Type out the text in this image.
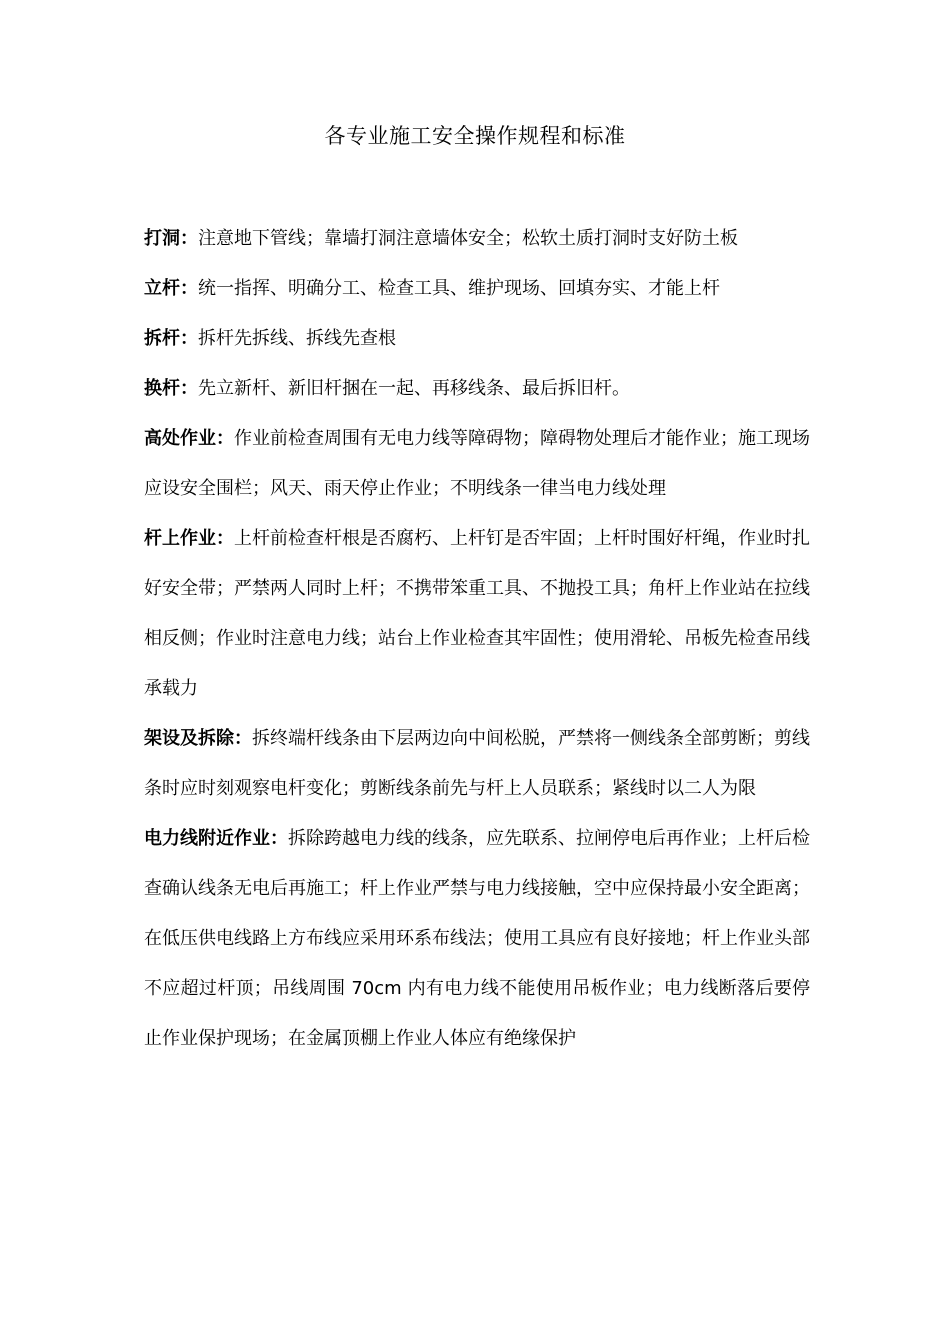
各专业施工安全操作规程和标准

打洞：注意地下管线；靠墙打洞注意墙体安全；松软土质打洞时支好防土板

立杆：统一指挥、明确分工、检查工具、维护现场、回填夯实、才能上杆

拆杆：拆杆先拆线、拆线先查根

换杆：先立新杆、新旧杆捆在一起、再移线条、最后拆旧杆。

高处作业：作业前检查周围有无电力线等障碍物；障碍物处理后才能作业；施工现场应设安全围栏；风天、雨天停止作业；不明线条一律当电力线处理

杆上作业：上杆前检查杆根是否腐朽、上杆钉是否牢固；上杆时围好杆绳，作业时扎好安全带；严禁两人同时上杆；不携带笨重工具、不抛投工具；角杆上作业站在拉线相反侧；作业时注意电力线；站台上作业检查其牢固性；使用滑轮、吊板先检查吊线承载力

架设及拆除：拆终端杆线条由下层两边向中间松脱，严禁将一侧线条全部剪断；剪线条时应时刻观察电杆变化；剪断线条前先与杆上人员联系；紧线时以二人为限

电力线附近作业：拆除跨越电力线的线条，应先联系、拉闸停电后再作业；上杆后检查确认线条无电后再施工；杆上作业严禁与电力线接触，空中应保持最小安全距离；在低压供电线路上方布线应采用环系布线法；使用工具应有良好接地；杆上作业头部不应超过杆顶；吊线周围 70cm 内有电力线不能使用吊板作业；电力线断落后要停止作业保护现场；在金属顶棚上作业人体应有绝缘保护
